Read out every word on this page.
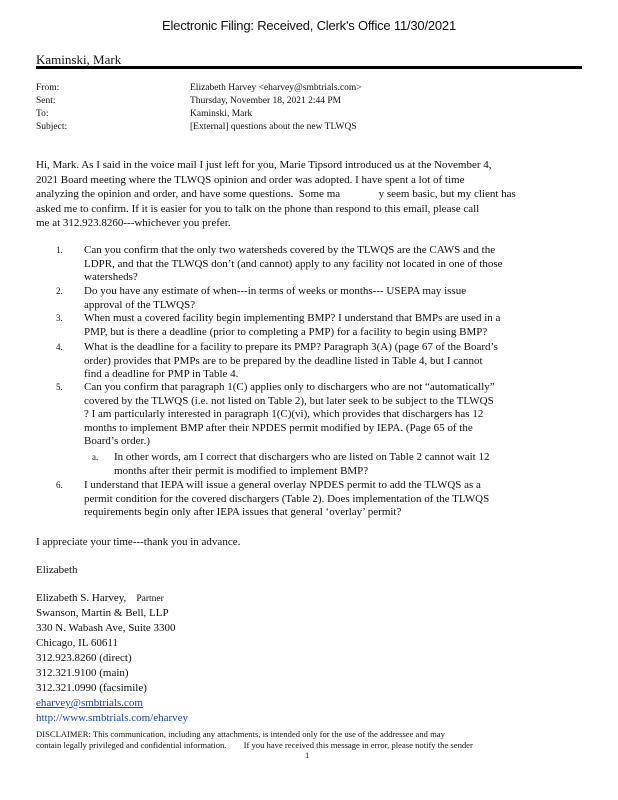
Electronic Filing: Received, Clerk's Office 11/30/2021
Kaminski, Mark
From:	Elizabeth Harvey <eharvey@smbtrials.com>
Sent:	Thursday, November 18, 2021 2:44 PM
To:	Kaminski, Mark
Subject:	[External] questions about the new TLWQS
Hi, Mark. As I said in the voice mail I just left for you, Marie Tipsord introduced us at the November 4,
2021 Board meeting where the TLWQS opinion and order was adopted. I have spent a lot of time
analyzing the opinion and order, and have some questions.  Some ma              y seem basic, but my client has
asked me to confirm. If it is easier for you to talk on the phone than respond to this email, please call
me at 312.923.8260---whichever you prefer.
1.	Can you confirm that the only two watersheds covered by the TLWQS are the CAWS and the
LDPR, and that the TLWQS don’t (and cannot) apply to any facility not located in one of those
watersheds?
2.	Do you have any estimate of when---in terms of weeks or months--- USEPA may issue
approval of the TLWQS?
3.	When must a covered facility begin implementing BMP? I understand that BMPs are used in a
PMP, but is there a deadline (prior to completing a PMP) for a facility to begin using BMP?
4.	What is the deadline for a facility to prepare its PMP? Paragraph 3(A) (page 67 of the Board’s
order) provides that PMPs are to be prepared by the deadline listed in Table 4, but I cannot
find a deadline for PMP in Table 4.
5.	Can you confirm that paragraph 1(C) applies only to dischargers who are not “automatically”
covered by the TLWQS (i.e. not listed on Table 2), but later seek to be subject to the TLWQS
? I am particularly interested in paragraph 1(C)(vi), which provides that dischargers has 12
months to implement BMP after their NPDES permit modified by IEPA. (Page 65 of the
Board’s order.)
a.	In other words, am I correct that dischargers who are listed on Table 2 cannot wait 12
months after their permit is modified to implement BMP?
6.	I understand that IEPA will issue a general overlay NPDES permit to add the TLWQS as a
permit condition for the covered dischargers (Table 2). Does implementation of the TLWQS
requirements begin only after IEPA issues that general ‘overlay’ permit?
I appreciate your time---thank you in advance.
Elizabeth
Elizabeth S. Harvey, Partner
Swanson, Martin & Bell, LLP
330 N. Wabash Ave, Suite 3300
Chicago, IL 60611
312.923.8260 (direct)
312.321.9100 (main)
312.321.0990 (facsimile)
eharvey@smbtrials.com
http://www.smbtrials.com/eharvey
DISCLAIMER: This communication, including any attachments, is intended only for the use of the addressee and may
contain legally privileged and confidential information.        If you have received this message in error, please notify the sender
1
